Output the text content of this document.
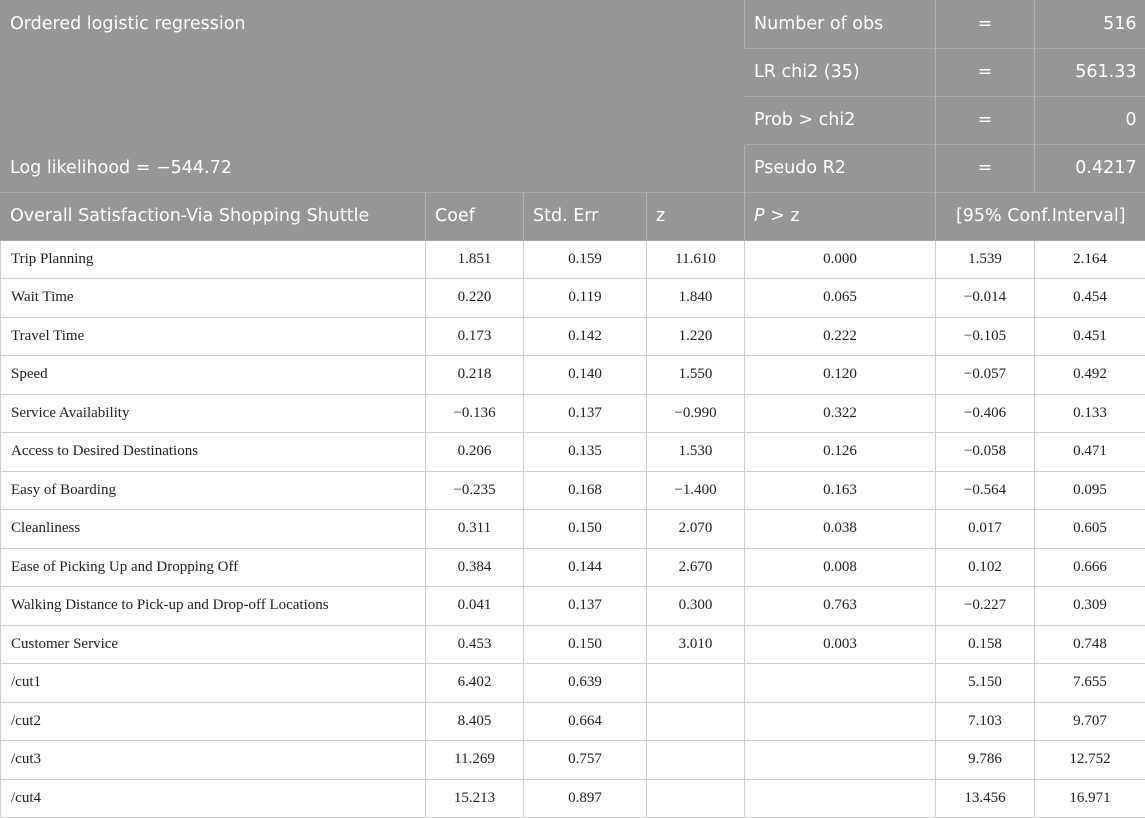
Ordered logistic regression				Number of obs	=	516
				LR chi2 (35)	=	561.33
				Prob > chi2	=	0
Log likelihood = −544.72				Pseudo R2	=	0.4217
Overall Satisfaction-Via Shopping Shuttle	Coef	Std. Err	z	P > z	[95% Conf.Interval]	
Trip Planning	1.851	0.159	11.610	0.000	1.539	2.164
Wait Time	0.220	0.119	1.840	0.065	−0.014	0.454
Travel Time	0.173	0.142	1.220	0.222	−0.105	0.451
Speed	0.218	0.140	1.550	0.120	−0.057	0.492
Service Availability	−0.136	0.137	−0.990	0.322	−0.406	0.133
Access to Desired Destinations	0.206	0.135	1.530	0.126	−0.058	0.471
Easy of Boarding	−0.235	0.168	−1.400	0.163	−0.564	0.095
Cleanliness	0.311	0.150	2.070	0.038	0.017	0.605
Ease of Picking Up and Dropping Off	0.384	0.144	2.670	0.008	0.102	0.666
Walking Distance to Pick-up and Drop-off Locations	0.041	0.137	0.300	0.763	−0.227	0.309
Customer Service	0.453	0.150	3.010	0.003	0.158	0.748
/cut1	6.402	0.639			5.150	7.655
/cut2	8.405	0.664			7.103	9.707
/cut3	11.269	0.757			9.786	12.752
/cut4	15.213	0.897			13.456	16.971
